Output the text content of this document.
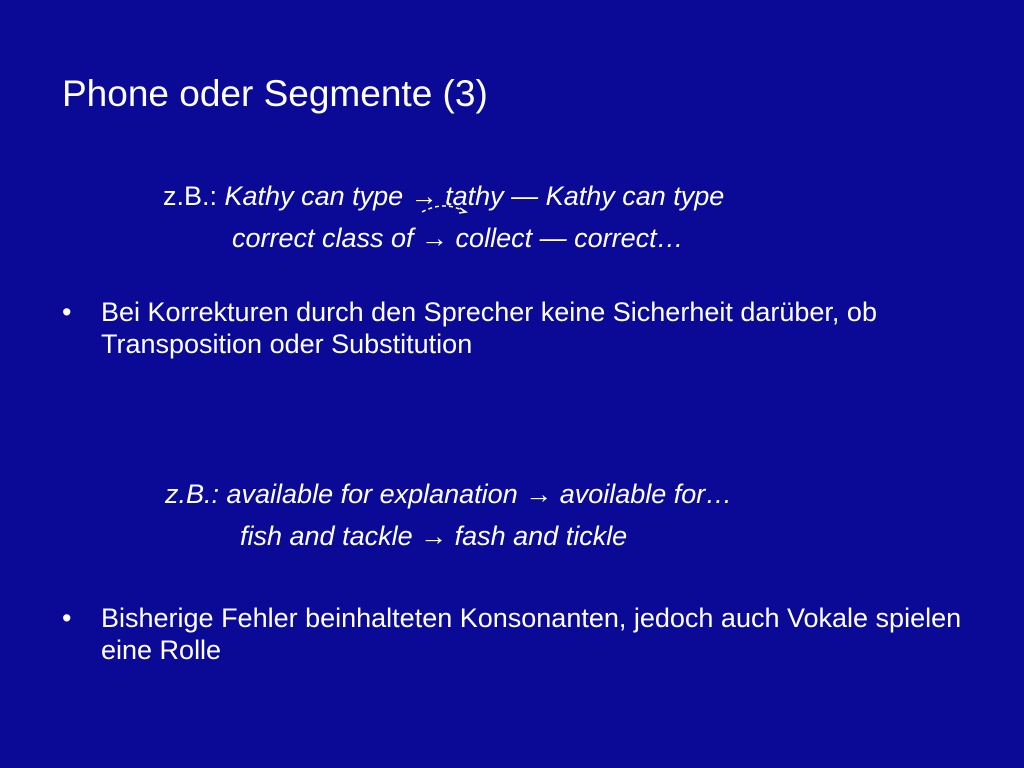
Phone oder Segmente (3)
z.B.: Kathy can type → tathy — Kathy can type
correct class of → collect — correct…
• Bei Korrekturen durch den Sprecher keine Sicherheit darüber, ob Transposition oder Substitution
z.B.: available for explanation → avoilable for…
fish and tackle → fash and tickle
• Bisherige Fehler beinhalteten Konsonanten, jedoch auch Vokale spielen eine Rolle
